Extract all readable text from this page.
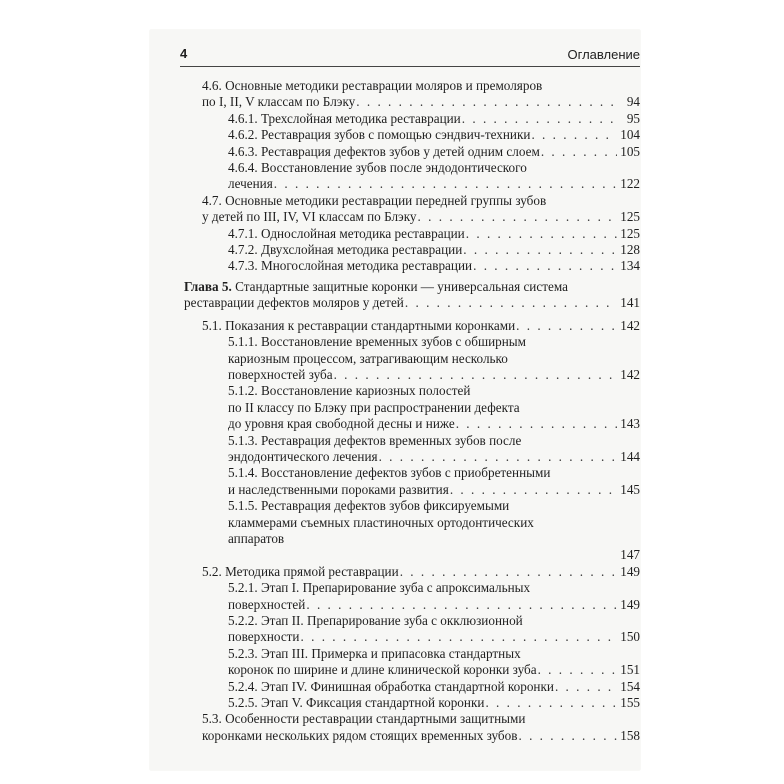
4	Оглавление
4.6. Основные методики реставрации моляров и премоляров
по I, II, V классам по Блэку . . .	94
4.6.1. Трехслойная методика реставрации . . .	95
4.6.2. Реставрация зубов с помощью сэндвич-техники . . .	104
4.6.3. Реставрация дефектов зубов у детей одним слоем . . .	105
4.6.4. Восстановление зубов после эндодонтического
лечения . . .	122
4.7. Основные методики реставрации передней группы зубов
у детей по III, IV, VI классам по Блэку . . .	125
4.7.1. Однослойная методика реставрации . . .	125
4.7.2. Двухслойная методика реставрации . . .	128
4.7.3. Многослойная методика реставрации . . .	134
Глава 5. Стандартные защитные коронки — универсальная система
реставрации дефектов моляров у детей . . .	141
5.1. Показания к реставрации стандартными коронками . . .	142
5.1.1. Восстановление временных зубов с обширным
кариозным процессом, затрагивающим несколько
поверхностей зуба . . .	142
5.1.2. Восстановление кариозных полостей
по II классу по Блэку при распространении дефекта
до уровня края свободной десны и ниже . . .	143
5.1.3. Реставрация дефектов временных зубов после
эндодонтического лечения . . .	144
5.1.4. Восстановление дефектов зубов с приобретенными
и наследственными пороками развития . . .	145
5.1.5. Реставрация дефектов зубов фиксируемыми
кламмерами съемных пластиночных ортодонтических
аппаратов
147
5.2. Методика прямой реставрации . . .	149
5.2.1. Этап I. Препарирование зуба с апроксимальных
поверхностей . . .	149
5.2.2. Этап II. Препарирование зуба с окклюзионной
поверхности . . .	150
5.2.3. Этап III. Примерка и припасовка стандартных
коронок по ширине и длине клинической коронки зуба . . .	151
5.2.4. Этап IV. Финишная обработка стандартной коронки . . .	154
5.2.5. Этап V. Фиксация стандартной коронки . . .	155
5.3. Особенности реставрации стандартными защитными
коронками нескольких рядом стоящих временных зубов . . .	158
